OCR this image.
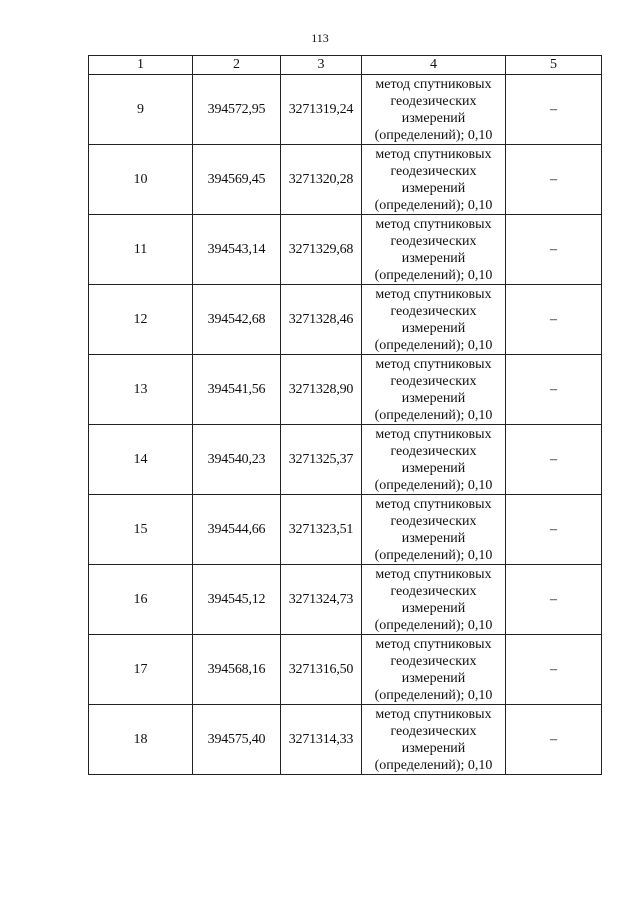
113
1	2	3	4	5
9	394572,95	3271319,24	метод спутниковых
геодезических
измерений
(определений); 0,10	–
10	394569,45	3271320,28	метод спутниковых
геодезических
измерений
(определений); 0,10	–
11	394543,14	3271329,68	метод спутниковых
геодезических
измерений
(определений); 0,10	–
12	394542,68	3271328,46	метод спутниковых
геодезических
измерений
(определений); 0,10	–
13	394541,56	3271328,90	метод спутниковых
геодезических
измерений
(определений); 0,10	–
14	394540,23	3271325,37	метод спутниковых
геодезических
измерений
(определений); 0,10	–
15	394544,66	3271323,51	метод спутниковых
геодезических
измерений
(определений); 0,10	–
16	394545,12	3271324,73	метод спутниковых
геодезических
измерений
(определений); 0,10	–
17	394568,16	3271316,50	метод спутниковых
геодезических
измерений
(определений); 0,10	–
18	394575,40	3271314,33	метод спутниковых
геодезических
измерений
(определений); 0,10	–
